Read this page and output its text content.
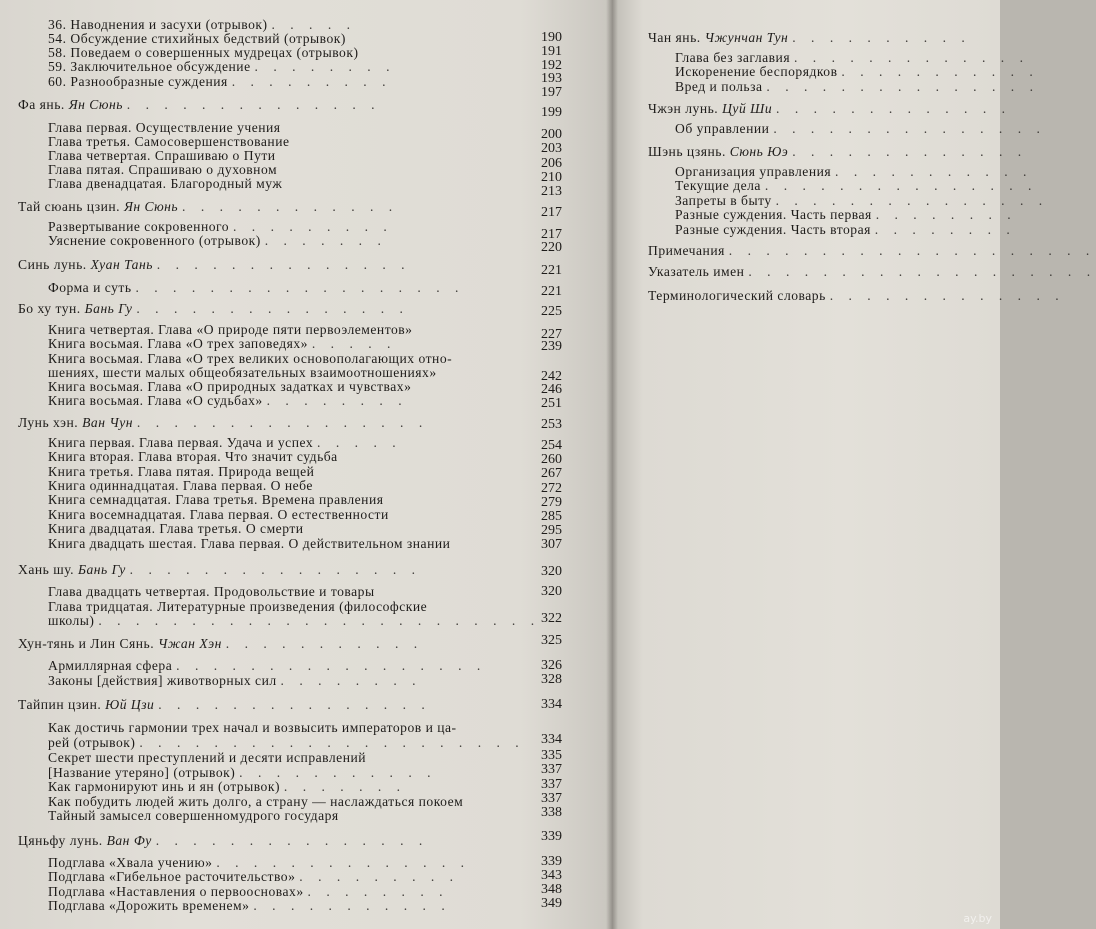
36. Наводнения и засухи (отрывок) . . . . .
54. Обсуждение стихийных бедствий (отрывок)
58. Поведаем о совершенных мудрецах (отрывок)
59. Заключительное обсуждение . . . . . . . .
60. Разнообразные суждения . . . . . . . . .
Фа янь. Ян Сюнь . . . . . . . . . . . . . .
Глава первая. Осуществление учения
Глава третья. Самосовершенствование
Глава четвертая. Спрашиваю о Пути
Глава пятая. Спрашиваю о духовном
Глава двенадцатая. Благородный муж
Тай сюань цзин. Ян Сюнь . . . . . . . . . . . .
Развертывание сокровенного . . . . . . . . .
Уяснение сокровенного (отрывок) . . . . . . .
Синь лунь. Хуан Тань . . . . . . . . . . . . . .
Форма и суть . . . . . . . . . . . . . . . . . .
Бо ху тун. Бань Гу . . . . . . . . . . . . . . .
Книга четвертая. Глава «О природе пяти первоэлементов»
Книга восьмая. Глава «О трех заповедях» . . . . .
Книга восьмая. Глава «О трех великих основополагающих отно-
шениях, шести малых общеобязательных взаимоотношениях»
Книга восьмая. Глава «О природных задатках и чувствах»
Книга восьмая. Глава «О судьбах» . . . . . . . .
Лунь хэн. Ван Чун . . . . . . . . . . . . . . . .
Книга первая. Глава первая. Удача и успех . . . . .
Книга вторая. Глава вторая. Что значит судьба
Книга третья. Глава пятая. Природа вещей
Книга одиннадцатая. Глава первая. О небе
Книга семнадцатая. Глава третья. Времена правления
Книга восемнадцатая. Глава первая. О естественности
Книга двадцатая. Глава третья. О смерти
Книга двадцать шестая. Глава первая. О действительном знании
Хань шу. Бань Гу . . . . . . . . . . . . . . . .
Глава двадцать четвертая. Продовольствие и товары
Глава тридцатая. Литературные произведения (философские
школы) . . . . . . . . . . . . . . . . . . . . . . . .
Хун-тянь и Лин Сянь. Чжан Хэн . . . . . . . . . . .
Армиллярная сфера . . . . . . . . . . . . . . . . .
Законы [действия] животворных сил . . . . . . . .
Тайпин цзин. Юй Цзи . . . . . . . . . . . . . . .
Как достичь гармонии трех начал и возвысить императоров и ца-
рей (отрывок) . . . . . . . . . . . . . . . . . . . . .
Секрет шести преступлений и десяти исправлений
[Название утеряно] (отрывок) . . . . . . . . . . .
Как гармонируют инь и ян (отрывок) . . . . . . .
Как побудить людей жить долго, а страну — наслаждаться покоем
Тайный замысел совершенномудрого государя
Цяньфу лунь. Ван Фу . . . . . . . . . . . . . . .
Подглава «Хвала учению» . . . . . . . . . . . . . .
Подглава «Гибельное расточительство» . . . . . . . . .
Подглава «Наставления о первоосновах» . . . . . . . .
Подглава «Дорожить временем» . . . . . . . . . . .
190
191
192
193
197
199
200
203
206
210
213
217
217
220
221
221
225
227
239
242
246
251
253
254
260
267
272
279
285
295
307
320
320
322
325
326
328
334
334
335
337
337
337
338
339
339
343
348
349
Чан янь. Чжунчан Тун . . . . . . . . . .
Глава без заглавия . . . . . . . . . . . . .
Искоренение беспорядков . . . . . . . . . . .
Вред и польза . . . . . . . . . . . . . . .
Чжэн лунь. Цуй Ши . . . . . . . . . . . . .
Об управлении . . . . . . . . . . . . . . .
Шэнь цзянь. Сюнь Юэ . . . . . . . . . . . . .
Организация управления . . . . . . . . . . .
Текущие дела . . . . . . . . . . . . . . .
Запреты в быту . . . . . . . . . . . . . . .
Разные суждения. Часть первая . . . . . . . .
Разные суждения. Часть вторая . . . . . . . .
Примечания . . . . . . . . . . . . . . . . . . . .
Указатель имен . . . . . . . . . . . . . . . . . . .
Терминологический словарь . . . . . . . . . . . . .
ay.by
